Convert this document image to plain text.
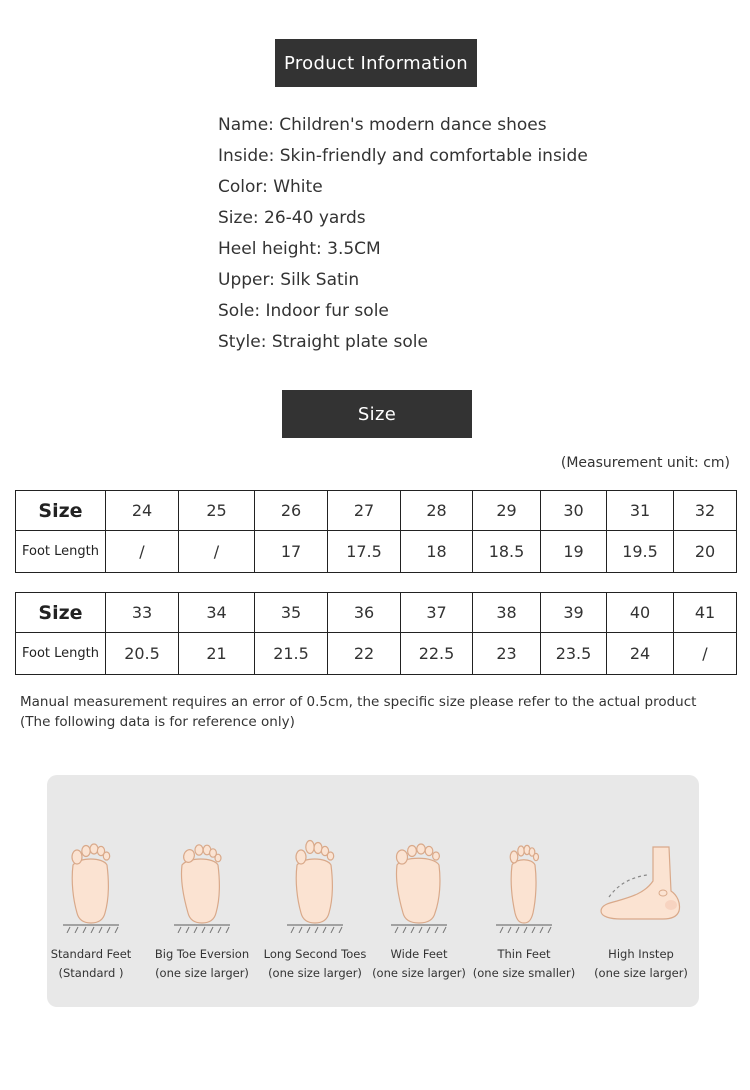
Product Information
Name: Children's modern dance shoes
Inside: Skin-friendly and comfortable inside
Color: White
Size: 26-40 yards
Heel height: 3.5CM
Upper: Silk Satin
Sole: Indoor fur sole
Style: Straight plate sole
Size
(Measurement unit: cm)
Size	24	25	26	27	28	29	30	31	32
Foot Length	/	/	17	17.5	18	18.5	19	19.5	20
Size	33	34	35	36	37	38	39	40	41
Foot Length	20.5	21	21.5	22	22.5	23	23.5	24	/
Manual measurement requires an error of 0.5cm, the specific size please refer to the actual product (The following data is for reference only)
Standard Feet
(Standard )
Big Toe Eversion
(one size larger)
Long Second Toes
(one size larger)
Wide Feet
(one size larger)
Thin Feet
(one size smaller)
High Instep
(one size larger)
